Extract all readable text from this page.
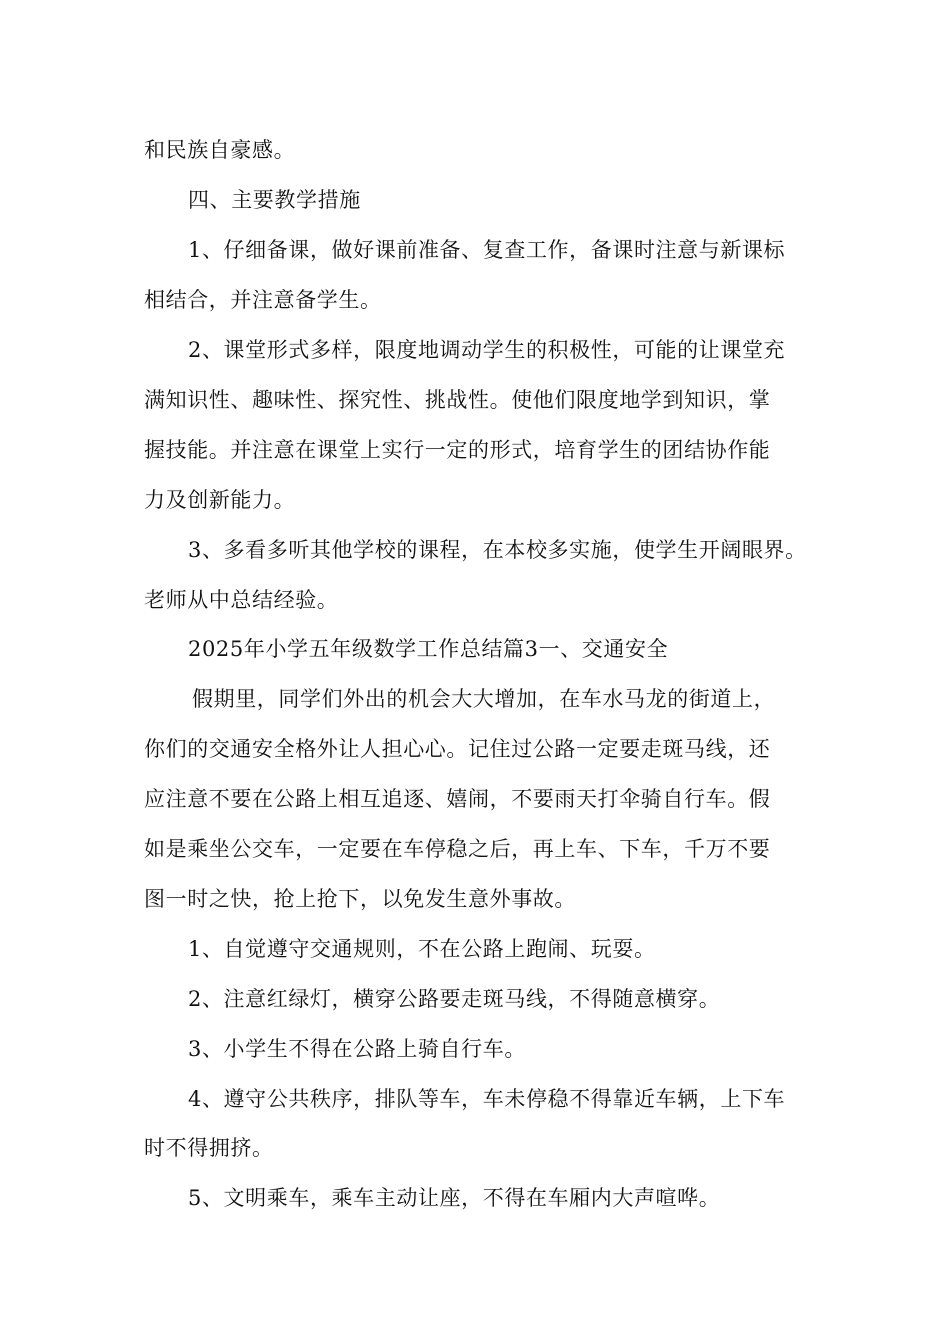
和民族自豪感。
四、主要教学措施
1、仔细备课，做好课前准备、复查工作，备课时注意与新课标
相结合，并注意备学生。
2、课堂形式多样，限度地调动学生的积极性，可能的让课堂充
满知识性、趣味性、探究性、挑战性。使他们限度地学到知识，掌
握技能。并注意在课堂上实行一定的形式，培育学生的团结协作能
力及创新能力。
3、多看多听其他学校的课程，在本校多实施，使学生开阔眼界。
老师从中总结经验。
2025年小学五年级数学工作总结篇3一、交通安全
假期里，同学们外出的机会大大增加，在车水马龙的街道上，
你们的交通安全格外让人担心心。记住过公路一定要走斑马线，还
应注意不要在公路上相互追逐、嬉闹，不要雨天打伞骑自行车。假
如是乘坐公交车，一定要在车停稳之后，再上车、下车，千万不要
图一时之快，抢上抢下，以免发生意外事故。
1、自觉遵守交通规则，不在公路上跑闹、玩耍。
2、注意红绿灯，横穿公路要走斑马线，不得随意横穿。
3、小学生不得在公路上骑自行车。
4、遵守公共秩序，排队等车，车未停稳不得靠近车辆，上下车
时不得拥挤。
5、文明乘车，乘车主动让座，不得在车厢内大声喧哗。
